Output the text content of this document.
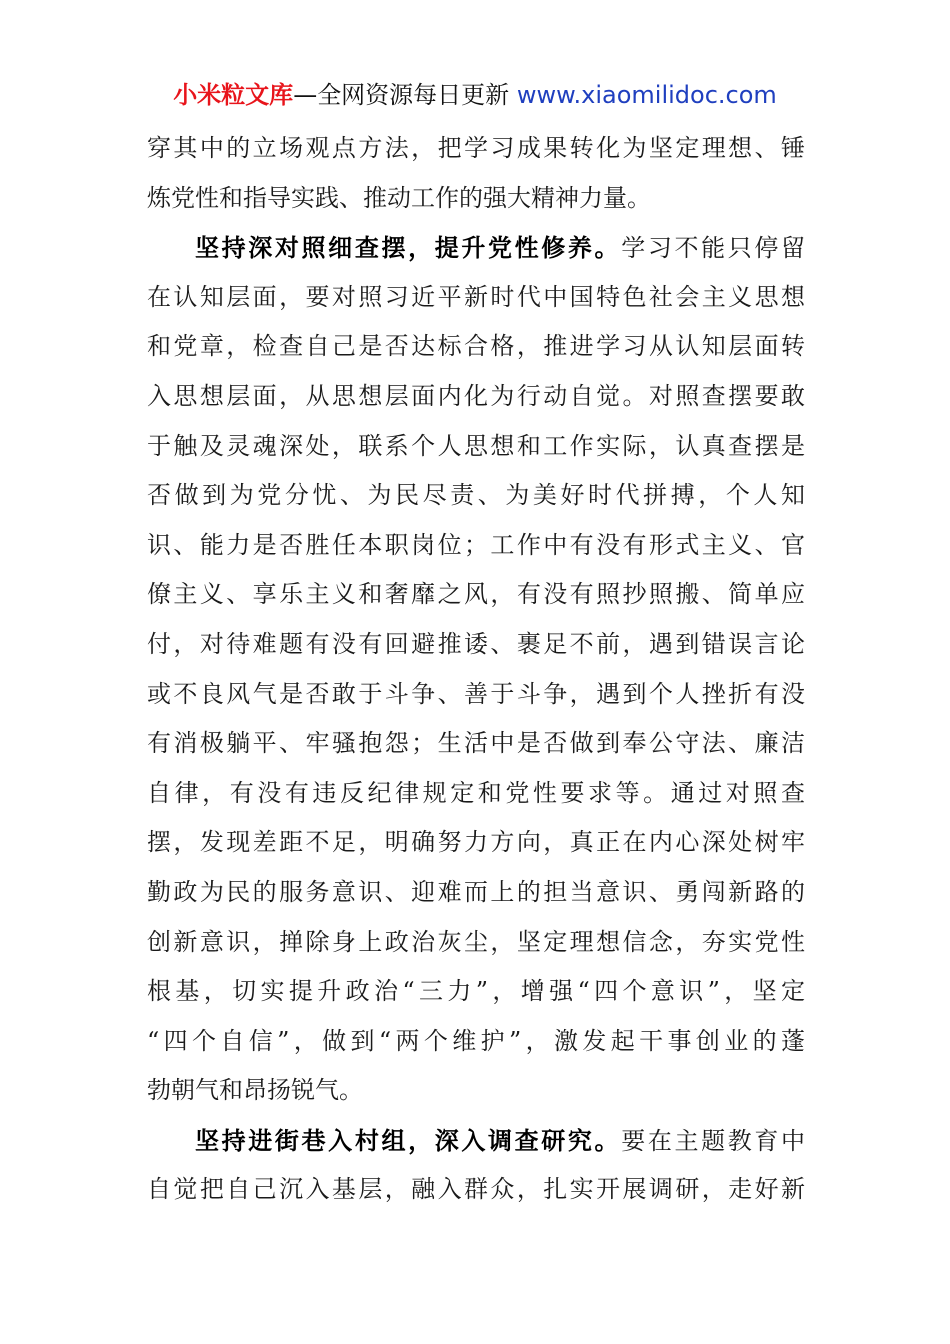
小米粒文库—全网资源每日更新 www.xiaomilidoc.com
穿其中的立场观点方法，把学习成果转化为坚定理想、锤
炼党性和指导实践、推动工作的强大精神力量。
坚持深对照细查摆，提升党性修养。学习不能只停留
在认知层面，要对照习近平新时代中国特色社会主义思想
和党章，检查自己是否达标合格，推进学习从认知层面转
入思想层面，从思想层面内化为行动自觉。对照查摆要敢
于触及灵魂深处，联系个人思想和工作实际，认真查摆是
否做到为党分忧、为民尽责、为美好时代拼搏，个人知
识、能力是否胜任本职岗位；工作中有没有形式主义、官
僚主义、享乐主义和奢靡之风，有没有照抄照搬、简单应
付，对待难题有没有回避推诿、裹足不前，遇到错误言论
或不良风气是否敢于斗争、善于斗争，遇到个人挫折有没
有消极躺平、牢骚抱怨；生活中是否做到奉公守法、廉洁
自律，有没有违反纪律规定和党性要求等。通过对照查
摆，发现差距不足，明确努力方向，真正在内心深处树牢
勤政为民的服务意识、迎难而上的担当意识、勇闯新路的
创新意识，掸除身上政治灰尘，坚定理想信念，夯实党性
根基，切实提升政治“三力”，增强“四个意识”，坚定
“四个自信”，做到“两个维护”，激发起干事创业的蓬
勃朝气和昂扬锐气。
坚持进街巷入村组，深入调查研究。要在主题教育中
自觉把自己沉入基层，融入群众，扎实开展调研，走好新
